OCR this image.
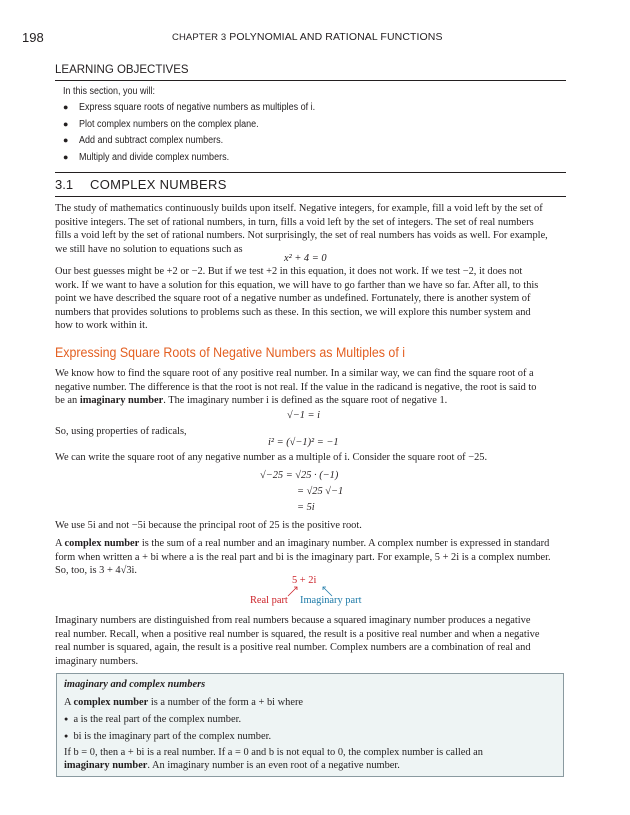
198	CHAPTER 3 POLYNOMIAL AND RATIONAL FUNCTIONS
LEARNING OBJECTIVES
In this section, you will:
● Express square roots of negative numbers as multiples of i.
● Plot complex numbers on the complex plane.
● Add and subtract complex numbers.
● Multiply and divide complex numbers.
3.1 COMPLEX NUMBERS
The study of mathematics continuously builds upon itself. Negative integers, for example, fill a void left by the set of
positive integers. The set of rational numbers, in turn, fills a void left by the set of integers. The set of real numbers
fills a void left by the set of rational numbers. Not surprisingly, the set of real numbers has voids as well. For example,
we still have no solution to equations such as
x² + 4 = 0
Our best guesses might be +2 or −2. But if we test +2 in this equation, it does not work. If we test −2, it does not
work. If we want to have a solution for this equation, we will have to go farther than we have so far. After all, to this
point we have described the square root of a negative number as undefined. Fortunately, there is another system of
numbers that provides solutions to problems such as these. In this section, we will explore this number system and
how to work within it.
Expressing Square Roots of Negative Numbers as Multiples of i
We know how to find the square root of any positive real number. In a similar way, we can find the square root of a
negative number. The difference is that the root is not real. If the value in the radicand is negative, the root is said to
be an imaginary number. The imaginary number i is defined as the square root of negative 1.
√−1 = i
So, using properties of radicals,
i² = (√−1)² = −1
We can write the square root of any negative number as a multiple of i. Consider the square root of −25.
√−25 = √25 · (−1)
= √25 √−1
= 5i
We use 5i and not −5i because the principal root of 25 is the positive root.
A complex number is the sum of a real number and an imaginary number. A complex number is expressed in standard
form when written a + bi where a is the real part and bi is the imaginary part. For example, 5 + 2i is a complex number.
So, too, is 3 + 4√3i.
5 + 2i
Real part Imaginary part
Imaginary numbers are distinguished from real numbers because a squared imaginary number produces a negative
real number. Recall, when a positive real number is squared, the result is a positive real number and when a negative
real number is squared, again, the result is a positive real number. Complex numbers are a combination of real and
imaginary numbers.
imaginary and complex numbers
A complex number is a number of the form a + bi where
● a is the real part of the complex number.
● bi is the imaginary part of the complex number.
If b = 0, then a + bi is a real number. If a = 0 and b is not equal to 0, the complex number is called an
imaginary number. An imaginary number is an even root of a negative number.
